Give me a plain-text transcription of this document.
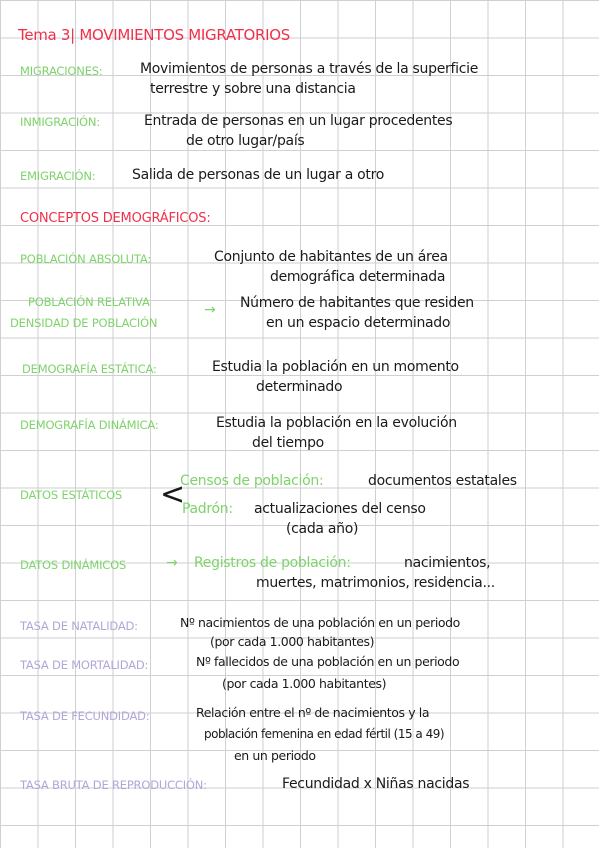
Tema 3| MOVIMIENTOS MIGRATORIOS
MIGRACIONES:	Movimientos de personas a través de la superficie
terrestre y sobre una distancia
INMIGRACIÓN:	Entrada de personas en un lugar procedentes
de otro lugar/país
EMIGRACIÓN:	Salida de personas de un lugar a otro
CONCEPTOS DEMOGRÁFICOS:
POBLACIÓN ABSOLUTA:	Conjunto de habitantes de un área
demográfica determinada
POBLACIÓN RELATIVA
DENSIDAD DE POBLACIÓN
→ Número de habitantes que residen
en un espacio determinado
DEMOGRAFÍA ESTÁTICA:	Estudia la población en un momento
determinado
DEMOGRAFÍA DINÁMICA:	Estudia la población en la evolución
del tiempo
DATOS ESTÁTICOS <
Censos de población:	documentos estatales
Padrón: actualizaciones del censo
(cada año)
DATOS DINÁMICOS	→ Registros de población:	nacimientos,
muertes, matrimonios, residencia...
TASA DE NATALIDAD:	Nº nacimientos de una población en un periodo
(por cada 1.000 habitantes)
TASA DE MORTALIDAD:	Nº fallecidos de una población en un periodo
(por cada 1.000 habitantes)
TASA DE FECUNDIDAD:	Relación entre el nº de nacimientos y la
población femenina en edad fértil (15 a 49)
en un periodo
TASA BRUTA DE REPRODUCCIÓN:	Fecundidad x Niñas nacidas
